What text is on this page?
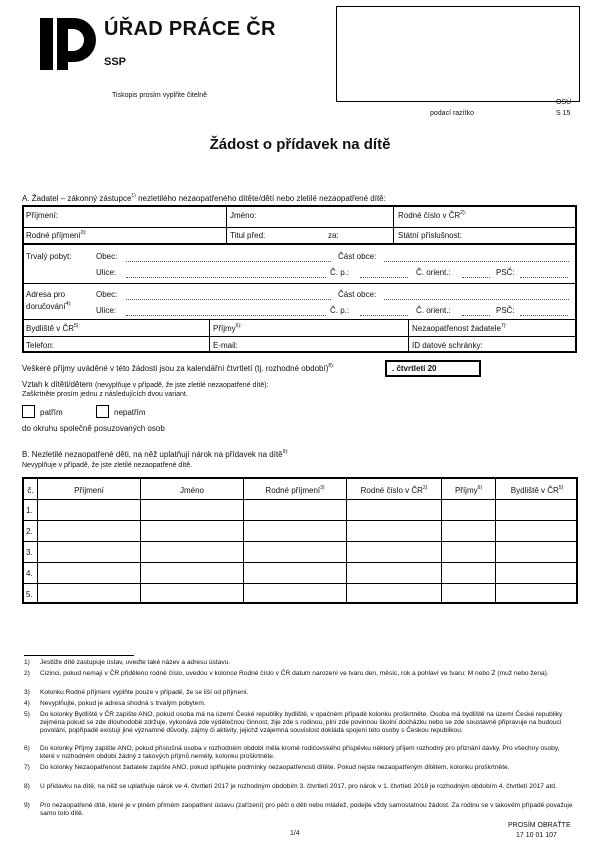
ÚŘAD PRÁCE ČR
SSP
Tiskopis prosím vyplňte čitelně
podací razítko
OSÚ
S 15
Žádost o přídavek na dítě
A. Žadatel – zákonný zástupce$^{1)}$ nezletilého nezaopatřeného dítěte/dětí nebo zletilé nezaopatřené dítě:
Příjmení:	Jméno:	Rodné číslo v $ČR^{2):}$
Rodné příjmení$^{3):}$	Titul před:	za:	Státní příslušnost:
Trvalý pobyt:	Obec:	Část obce:
Ulice:	Č. p.:	Č. orient.:	PSČ:
Adresa pro
doručování$^{4):}$
Obec:	Část obce:
Ulice:	Č. p.:	Č. orient.:	PSČ:
Bydliště v $ČR^{5):}$	Příjmy$^{6):}$	Nezaopatřenost žadatele$^{7):}$
Telefon:	E-mail:	ID datové schránky:
Veškeré příjmy uváděné v této žádosti jsou za kalendářní čtvrtletí (tj. rozhodné období)$^{8):}$	. čtvrtletí 20
Vztah k dítěti/dětem (nevyplňuje v případě, že jste zletilé nezaopatřené dítě):
Zaškrtněte prosím jednu z následujících dvou variant.
patřím	nepatřím
do okruhu společně posuzovaných osob
B. Nezletilé nezaopatřené děti, na něž uplatňují nárok na přídavek na dítě$^{9):}$
Nevyplňuje v případě, že jste zletilé nezaopatřené dítě.
č.	Příjmení	Jméno	Rodné příjmení$^{3)}$	Rodné číslo v ČR$^{2)}$	Příjmy$^{6)}$	Bydliště v ČR$^{5)}$
1.
2.
3.
4.
5.
1) Jestliže dítě zastupuje ústav, uveďte také název a adresu ústavu.
2) Cizinci, pokud nemají v ČR přiděleno rodné číslo, uvedou v kolonce Rodné číslo v ČR datum narození ve tvaru den, měsíc, rok a pohlaví ve tvaru: M nebo Z (muž nebo žena).
3) Kolonku Rodné příjmení vyplňte pouze v případě, že se liší od příjmení.
4) Nevyplňujte, pokud je adresa shodná s trvalým pobytem.
5) Do kolonky Bydliště v ČR zapište ANO, pokud osoba má na území České republiky bydliště, v opačném případě kolonku proškrtněte. Osoba má bydliště na území České republiky zejména pokud se zde dlouhodobě zdržuje, vykonává zde výdělečnou činnost, žije zde s rodinou, plní zde povinnou školní docházku nebo se zde soustavně připravuje na budoucí povolání, popřípadě existují jiné významné důvody, zájmy či aktivity, jejichž vzájemná souvislost dokládá spojení této osoby s Českou republikou.
6) Do kolonky Příjmy zapište ANO, pokud příslušná osoba v rozhodném období měla kromě rodičovského příspěvku některý příjem rozhodný pro přiznání dávky. Pro všechny osoby, které v rozhodném období žádný z takových příjmů neměly, kolonku proškrtněte.
7) Do kolonky Nezaopatřenost žadatele zapište ANO, pokud splňujete podmínky nezaopatřenosti dítěte. Pokud nejste nezaopatřeným dítětem, kolonku proškrtněte.
8) U přídavku na dítě, na něž se uplatňuje nárok ve 4. čtvrtletí 2017 je rozhodným obdobím 3. čtvrtletí 2017, pro nárok v 1. čtvrtletí 2018 je rozhodným obdobím 4. čtvrtletí 2017 atd.
9) Pro nezaopatřené dítě, které je v plném přímém zaopatření ústavu (zařízení) pro péči o děti nebo mládež, podejte vždy samostatnou žádost. Za rodinu se v takovém případě považuje samo toto dítě.
1/4
PROSÍM OBRAŤTE
17 10 01 107
